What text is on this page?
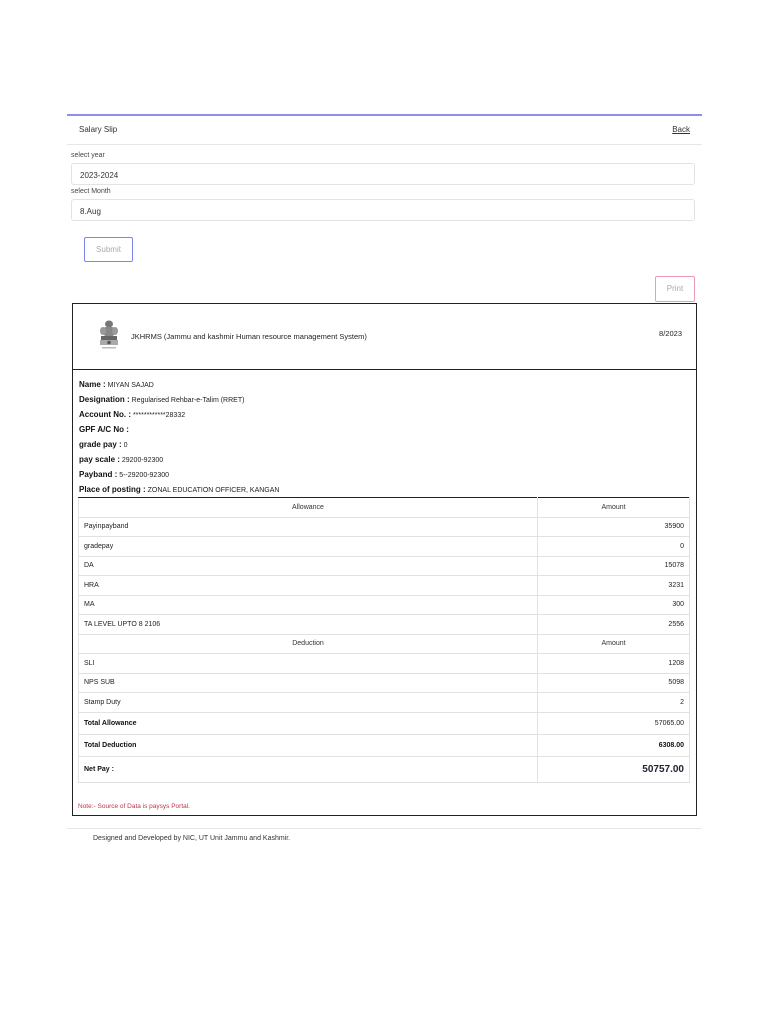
Salary Slip	Back
select year
2023-2024
select Month
8.Aug
Submit
Print
JKHRMS (Jammu and kashmir Human resource management System)	8/2023
Name : MIYAN SAJAD
Designation : Regularised Rehbar-e-Talim (RRET)
Account No. : ************28332
GPF A/C No :
grade pay : 0
pay scale : 29200-92300
Payband : 5--29200-92300
Place of posting : ZONAL EDUCATION OFFICER, KANGAN
Allowance	Amount
Payinpayband	35900
gradepay	0
DA	15078
HRA	3231
MA	300
TA LEVEL UPTO 8 2106	2556
Deduction	Amount
SLI	1208
NPS SUB	5098
Stamp Duty	2
Total Allowance	57065.00
Total Deduction	6308.00
Net Pay :	50757.00
Note:- Source of Data is paysys Portal.
Designed and Developed by NIC, UT Unit Jammu and Kashmir.
